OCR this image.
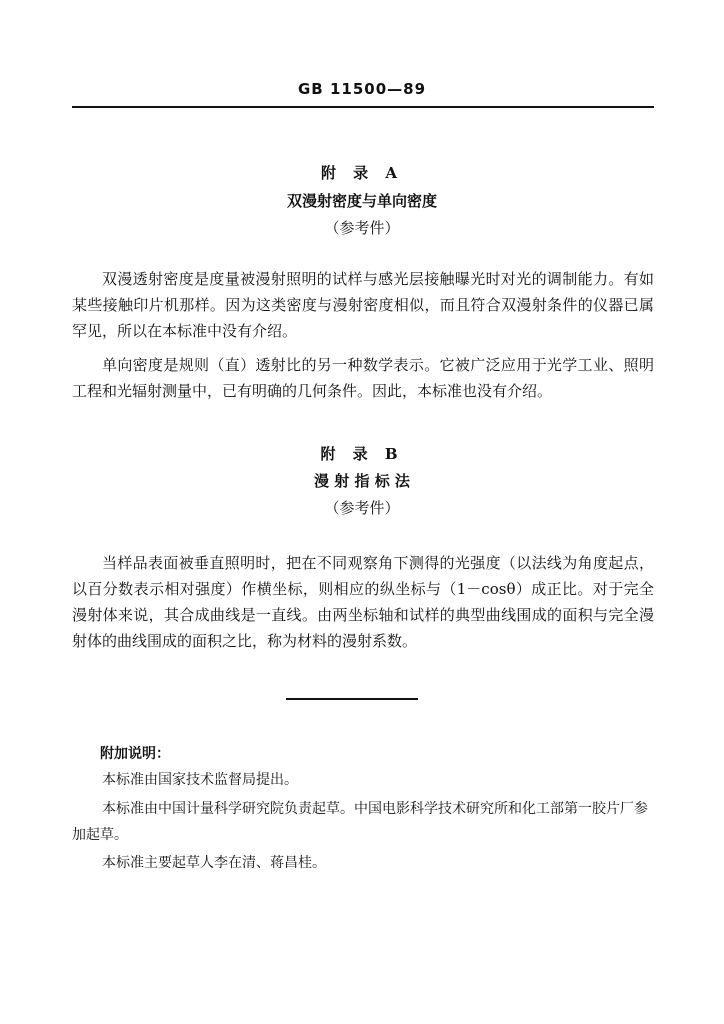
GB 11500—89
附 录 A
双漫射密度与单向密度
（参考件）

双漫透射密度是度量被漫射照明的试样与感光层接触曝光时对光的调制能力。有如某些接触印片机那样。因为这类密度与漫射密度相似，而且符合双漫射条件的仪器已属罕见，所以在本标准中没有介绍。

单向密度是规则（直）透射比的另一种数学表示。它被广泛应用于光学工业、照明工程和光辐射测量中，已有明确的几何条件。因此，本标准也没有介绍。

附 录 B
漫 射 指 标 法
（参考件）

当样品表面被垂直照明时，把在不同观察角下测得的光强度（以法线为角度起点，以百分数表示相对强度）作横坐标，则相应的纵坐标与（1－cosθ）成正比。对于完全漫射体来说，其合成曲线是一直线。由两坐标轴和试样的典型曲线围成的面积与完全漫射体的曲线围成的面积之比，称为材料的漫射系数。

附加说明：

本标准由国家技术监督局提出。

本标准由中国计量科学研究院负责起草。中国电影科学技术研究所和化工部第一胶片厂参加起草。

本标准主要起草人李在清、蒋昌桂。
